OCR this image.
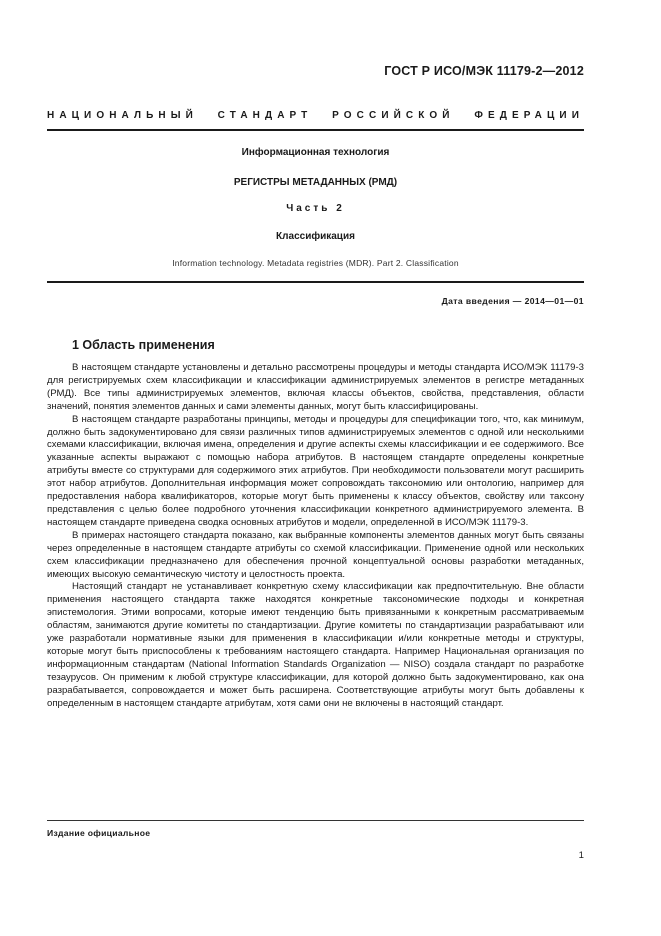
ГОСТ Р ИСО/МЭК 11179-2—2012
НАЦИОНАЛЬНЫЙ СТАНДАРТ РОССИЙСКОЙ ФЕДЕРАЦИИ
Информационная технология
РЕГИСТРЫ МЕТАДАННЫХ (РМД)
Часть 2
Классификация
Information technology. Metadata registries (MDR). Part 2. Classification
Дата введения — 2014—01—01
1 Область применения

В настоящем стандарте установлены и детально рассмотрены процедуры и методы стандарта ИСО/МЭК 11179-3 для регистрируемых схем классификации и классификации администрируемых элементов в регистре метаданных (РМД). Все типы администрируемых элементов, включая классы объектов, свойства, представления, области значений, понятия элементов данных и сами элементы данных, могут быть классифицированы.

В настоящем стандарте разработаны принципы, методы и процедуры для спецификации того, что, как минимум, должно быть задокументировано для связи различных типов администрируемых элементов с одной или несколькими схемами классификации, включая имена, определения и другие аспекты схемы классификации и ее содержимого. Все указанные аспекты выражают с помощью набора атрибутов. В настоящем стандарте определены конкретные атрибуты вместе со структурами для содержимого этих атрибутов. При необходимости пользователи могут расширить этот набор атрибутов. Дополнительная информация может сопровождать таксономию или онтологию, например для предоставления набора квалификаторов, которые могут быть применены к классу объектов, свойству или таксону представления с целью более подробного уточнения классификации конкретного администрируемого элемента. В настоящем стандарте приведена сводка основных атрибутов и модели, определенной в ИСО/МЭК 11179-3.

В примерах настоящего стандарта показано, как выбранные компоненты элементов данных могут быть связаны через определенные в настоящем стандарте атрибуты со схемой классификации. Применение одной или нескольких схем классификации предназначено для обеспечения прочной концептуальной основы разработки метаданных, имеющих высокую семантическую чистоту и целостность проекта.

Настоящий стандарт не устанавливает конкретную схему классификации как предпочтительную. Вне области применения настоящего стандарта также находятся конкретные таксономические подходы и конкретная эпистемология. Этими вопросами, которые имеют тенденцию быть привязанными к конкретным рассматриваемым областям, занимаются другие комитеты по стандартизации. Другие комитеты по стандартизации разрабатывают или уже разработали нормативные языки для применения в классификации и/или конкретные методы и структуры, которые могут быть приспособлены к требованиям настоящего стандарта. Например Национальная организация по информационным стандартам (National Information Standards Organization — NISO) создала стандарт по разработке тезаурусов. Он применим к любой структуре классификации, для которой должно быть задокументировано, как она разрабатывается, сопровождается и может быть расширена. Соответствующие атрибуты могут быть добавлены к определенным в настоящем стандарте атрибутам, хотя сами они не включены в настоящий стандарт.

Издание официальное
1
